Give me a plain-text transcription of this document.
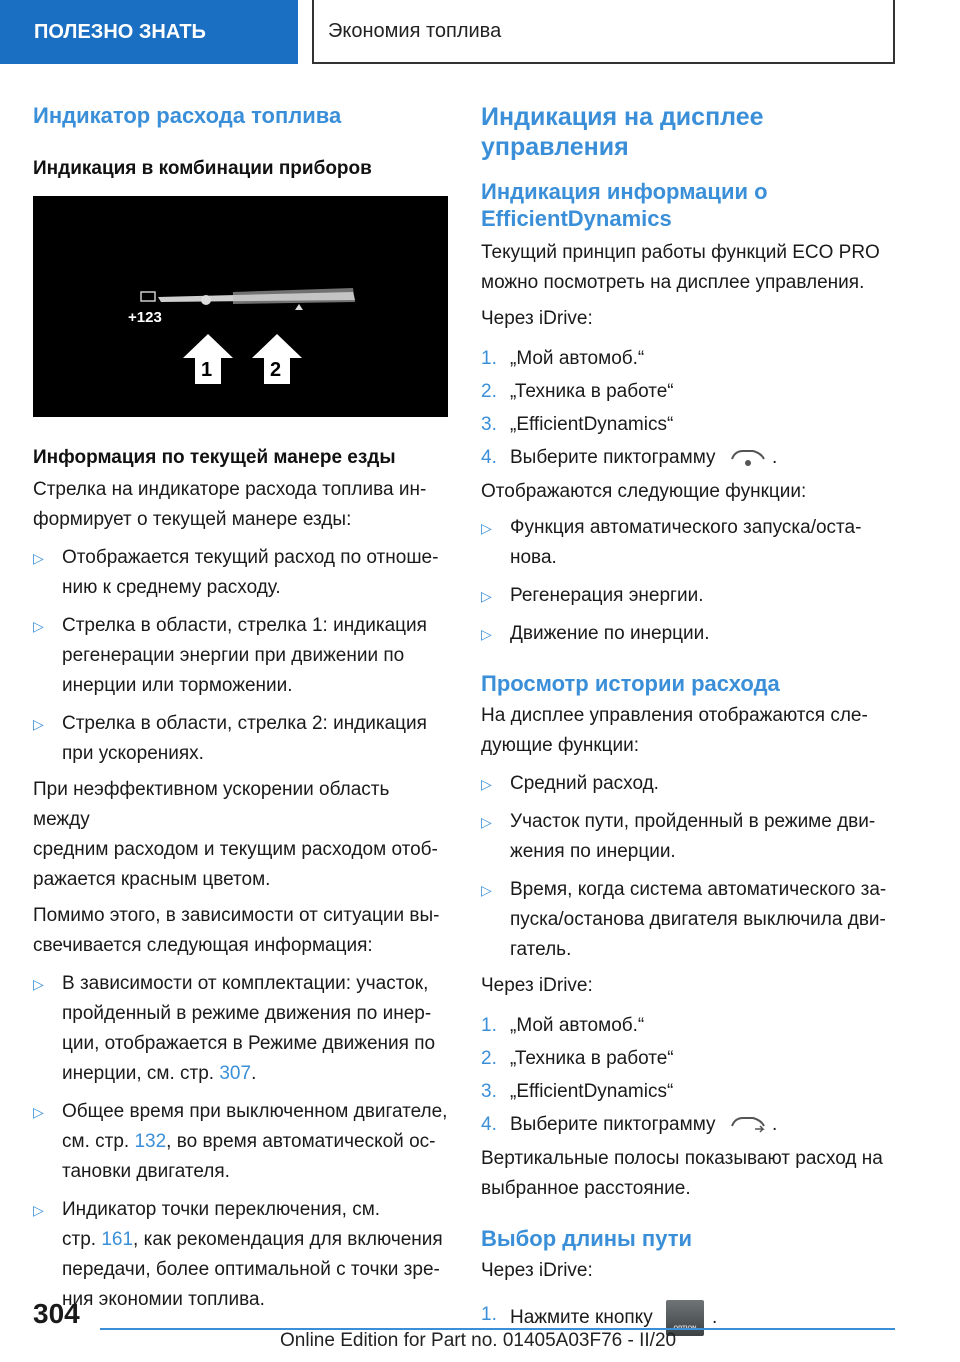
ПОЛЕЗНО ЗНАТЬ	Экономия топлива
Индикатор расхода топлива
Индикация в комбинации приборов
+123
1	2
Информация по текущей манере езды

Стрелка на индикаторе расхода топлива ин-
формирует о текущей манере езды:

▷ Отображается текущий расход по отноше-
нию к среднему расходу.
▷ Стрелка в области, стрелка 1: индикация
регенерации энергии при движении по
инерции или торможении.
▷ Стрелка в области, стрелка 2: индикация
при ускорениях.

При неэффективном ускорении область между
средним расходом и текущим расходом отоб-
ражается красным цветом.

Помимо этого, в зависимости от ситуации вы-
свечивается следующая информация:

▷ В зависимости от комплектации: участок,
пройденный в режиме движения по инер-
ции, отображается в Режиме движения по
инерции, см. стр. 307.
▷ Общее время при выключенном двигателе,
см. стр. 132, во время автоматической ос-
тановки двигателя.
▷ Индикатор точки переключения, см.
стр. 161, как рекомендация для включения
передачи, более оптимальной с точки зре-
ния экономии топлива.
Индикация на дисплее
управления
Индикация информации о
EfficientDynamics

Текущий принцип работы функций ECO PRO
можно посмотреть на дисплее управления.

Через iDrive:

1. „Мой автомоб.“
2. „Техника в работе“
3. „EfficientDynamics“
4. Выберите пиктограмму	.

Отображаются следующие функции:

▷ Функция автоматического запуска/оста-
нова.
▷ Регенерация энергии.
▷ Движение по инерции.
Просмотр истории расхода

На дисплее управления отображаются сле-
дующие функции:

▷ Средний расход.
▷ Участок пути, пройденный в режиме дви-
жения по инерции.
▷ Время, когда система автоматического за-
пуска/останова двигателя выключила дви-
гатель.

Через iDrive:

1. „Мой автомоб.“
2. „Техника в работе“
3. „EfficientDynamics“
4. Выберите пиктограмму	.

Вертикальные полосы показывают расход на
выбранное расстояние.

Выбор длины пути

Через iDrive:

1. Нажмите кнопку	.
304
Online Edition for Part no. 01405A03F76 - II/20
